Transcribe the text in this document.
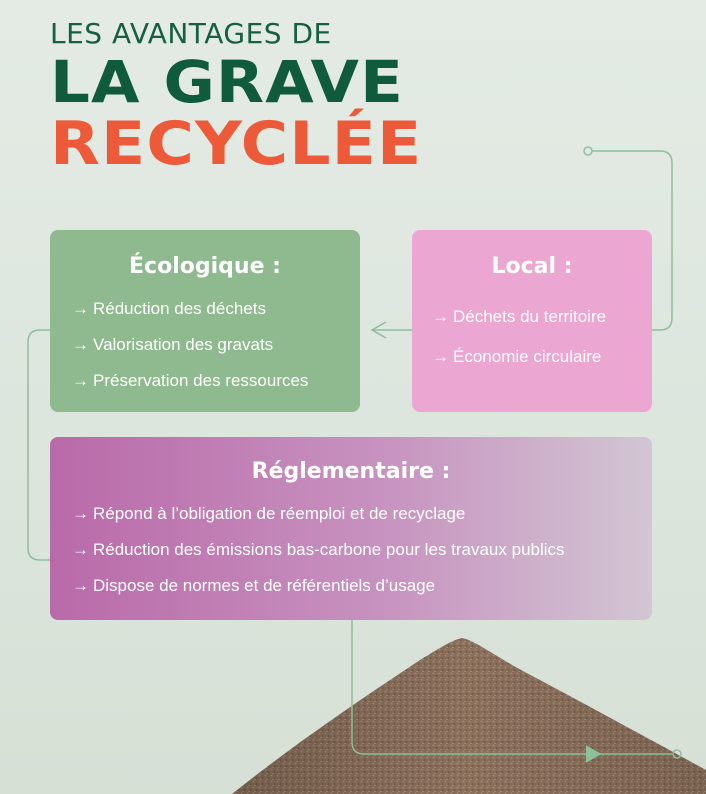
LES AVANTAGES DE

LA GRAVE

RECYCLÉE

Écologique :
→ Réduction des déchets
→ Valorisation des gravats
→ Préservation des ressources
Local :
→ Déchets du territoire
→ Économie circulaire
Réglementaire :
→ Répond à l’obligation de réemploi et de recyclage
→ Réduction des émissions bas-carbone pour les travaux publics
→ Dispose de normes et de référentiels d’usage
